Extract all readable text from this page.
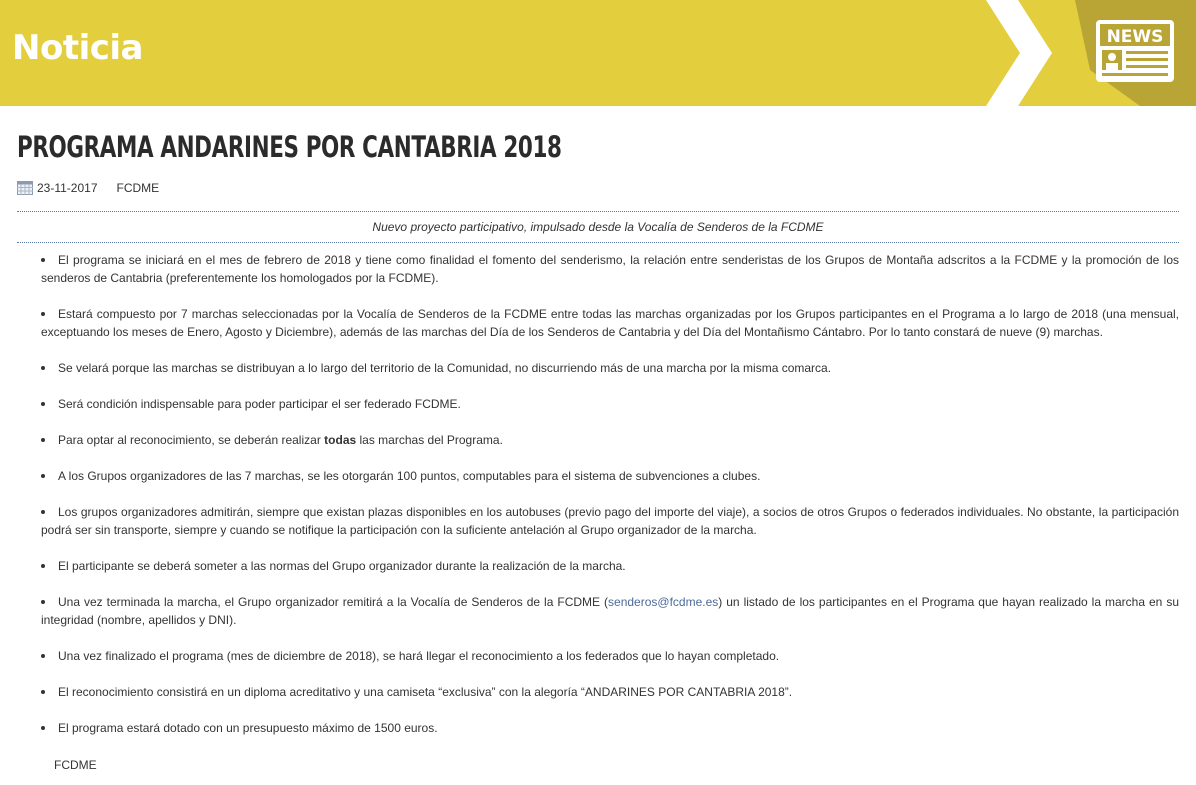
Noticia	NEWS
PROGRAMA ANDARINES POR CANTABRIA 2018
23-11-2017 FCDME
Nuevo proyecto participativo, impulsado desde la Vocalía de Senderos de la FCDME
El programa se iniciará en el mes de febrero de 2018 y tiene como finalidad el fomento del senderismo, la relación entre senderistas de los Grupos de Montaña adscritos a la FCDME y la promoción de los senderos de Cantabria (preferentemente los homologados por la FCDME).
Estará compuesto por 7 marchas seleccionadas por la Vocalía de Senderos de la FCDME entre todas las marchas organizadas por los Grupos participantes en el Programa a lo largo de 2018 (una mensual, exceptuando los meses de Enero, Agosto y Diciembre), además de las marchas del Día de los Senderos de Cantabria y del Día del Montañismo Cántabro. Por lo tanto constará de nueve (9) marchas.
Se velará porque las marchas se distribuyan a lo largo del territorio de la Comunidad, no discurriendo más de una marcha por la misma comarca.
Será condición indispensable para poder participar el ser federado FCDME.
Para optar al reconocimiento, se deberán realizar todas las marchas del Programa.
A los Grupos organizadores de las 7 marchas, se les otorgarán 100 puntos, computables para el sistema de subvenciones a clubes.
Los grupos organizadores admitirán, siempre que existan plazas disponibles en los autobuses (previo pago del importe del viaje), a socios de otros Grupos o federados individuales. No obstante, la participación podrá ser sin transporte, siempre y cuando se notifique la participación con la suficiente antelación al Grupo organizador de la marcha.
El participante se deberá someter a las normas del Grupo organizador durante la realización de la marcha.
Una vez terminada la marcha, el Grupo organizador remitirá a la Vocalía de Senderos de la FCDME (senderos@fcdme.es) un listado de los participantes en el Programa que hayan realizado la marcha en su integridad (nombre, apellidos y DNI).
Una vez finalizado el programa (mes de diciembre de 2018), se hará llegar el reconocimiento a los federados que lo hayan completado.
El reconocimiento consistirá en un diploma acreditativo y una camiseta “exclusiva” con la alegoría “ANDARINES POR CANTABRIA 2018”.
El programa estará dotado con un presupuesto máximo de 1500 euros.
FCDME
